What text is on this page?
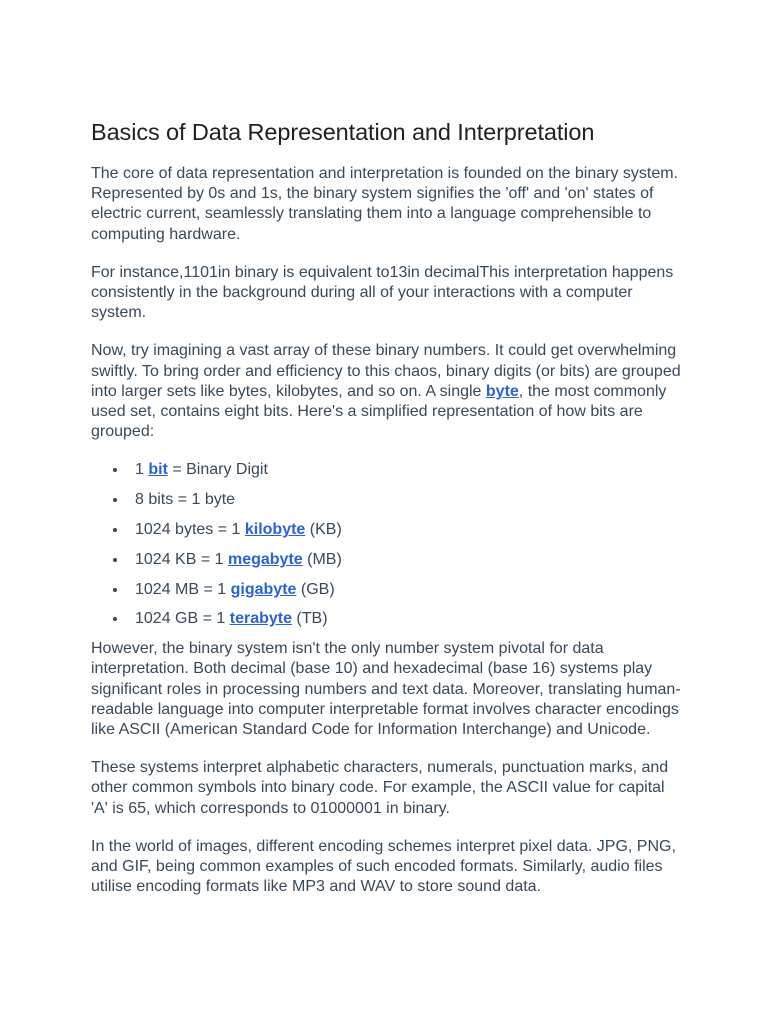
Basics of Data Representation and Interpretation

The core of data representation and interpretation is founded on the binary system. Represented by 0s and 1s, the binary system signifies the 'off' and 'on' states of electric current, seamlessly translating them into a language comprehensible to computing hardware.

For instance,1101in binary is equivalent to13in decimalThis interpretation happens consistently in the background during all of your interactions with a computer system.

Now, try imagining a vast array of these binary numbers. It could get overwhelming swiftly. To bring order and efficiency to this chaos, binary digits (or bits) are grouped into larger sets like bytes, kilobytes, and so on. A single byte, the most commonly used set, contains eight bits. Here's a simplified representation of how bits are grouped:

1 bit = Binary Digit
8 bits = 1 byte
1024 bytes = 1 kilobyte (KB)
1024 KB = 1 megabyte (MB)
1024 MB = 1 gigabyte (GB)
1024 GB = 1 terabyte (TB)

However, the binary system isn't the only number system pivotal for data interpretation. Both decimal (base 10) and hexadecimal (base 16) systems play significant roles in processing numbers and text data. Moreover, translating human-readable language into computer interpretable format involves character encodings like ASCII (American Standard Code for Information Interchange) and Unicode.

These systems interpret alphabetic characters, numerals, punctuation marks, and other common symbols into binary code. For example, the ASCII value for capital 'A' is 65, which corresponds to 01000001 in binary.

In the world of images, different encoding schemes interpret pixel data. JPG, PNG, and GIF, being common examples of such encoded formats. Similarly, audio files utilise encoding formats like MP3 and WAV to store sound data.
